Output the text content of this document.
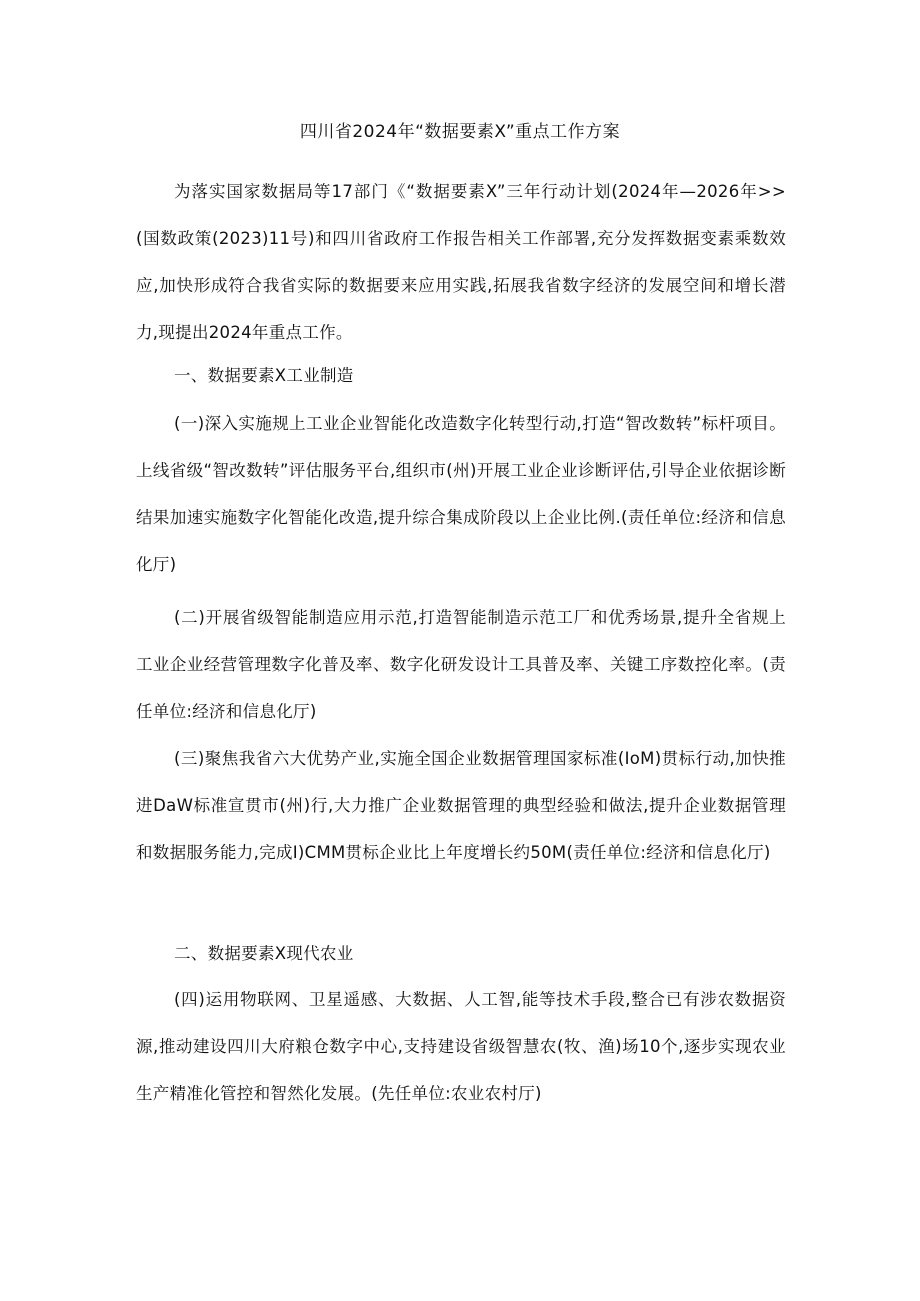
四川省2024年“数据要素X”重点工作方案

为落实国家数据局等17部门《“数据要素X”三年行动计划(2024年—2026年>>(国数政策(2023)11号)和四川省政府工作报告相关工作部署,充分发挥数据变素乘数效应,加快形成符合我省实际的数据要来应用实践,拓展我省数字经济的发展空间和增长潜力,现提出2024年重点工作。

一、数据要素X工业制造

(一)深入实施规上工业企业智能化改造数字化转型行动,打造“智改数转”标杆项目。上线省级“智改数转”评估服务平台,组织市(州)开展工业企业诊断评估,引导企业依据诊断结果加速实施数字化智能化改造,提升综合集成阶段以上企业比例.(责任单位:经济和信息化厅)

(二)开展省级智能制造应用示范,打造智能制造示范工厂和优秀场景,提升全省规上工业企业经营管理数字化普及率、数字化研发设计工具普及率、关键工序数控化率。(责任单位:经济和信息化厅)

(三)聚焦我省六大优势产业,实施全国企业数据管理国家标准(IoM)贯标行动,加快推进DaW标准宣贯市(州)行,大力推广企业数据管理的典型经验和做法,提升企业数据管理和数据服务能力,完成I)CMM贯标企业比上年度增长约50M(责任单位:经济和信息化厅)

二、数据要素X现代农业

(四)运用物联网、卫星遥感、大数据、人工智,能等技术手段,整合已有涉农数据资源,推动建设四川大府粮仓数字中心,支持建设省级智慧农(牧、渔)场10个,逐步实现农业生产精准化管控和智然化发展。(先任单位:农业农村厅)
